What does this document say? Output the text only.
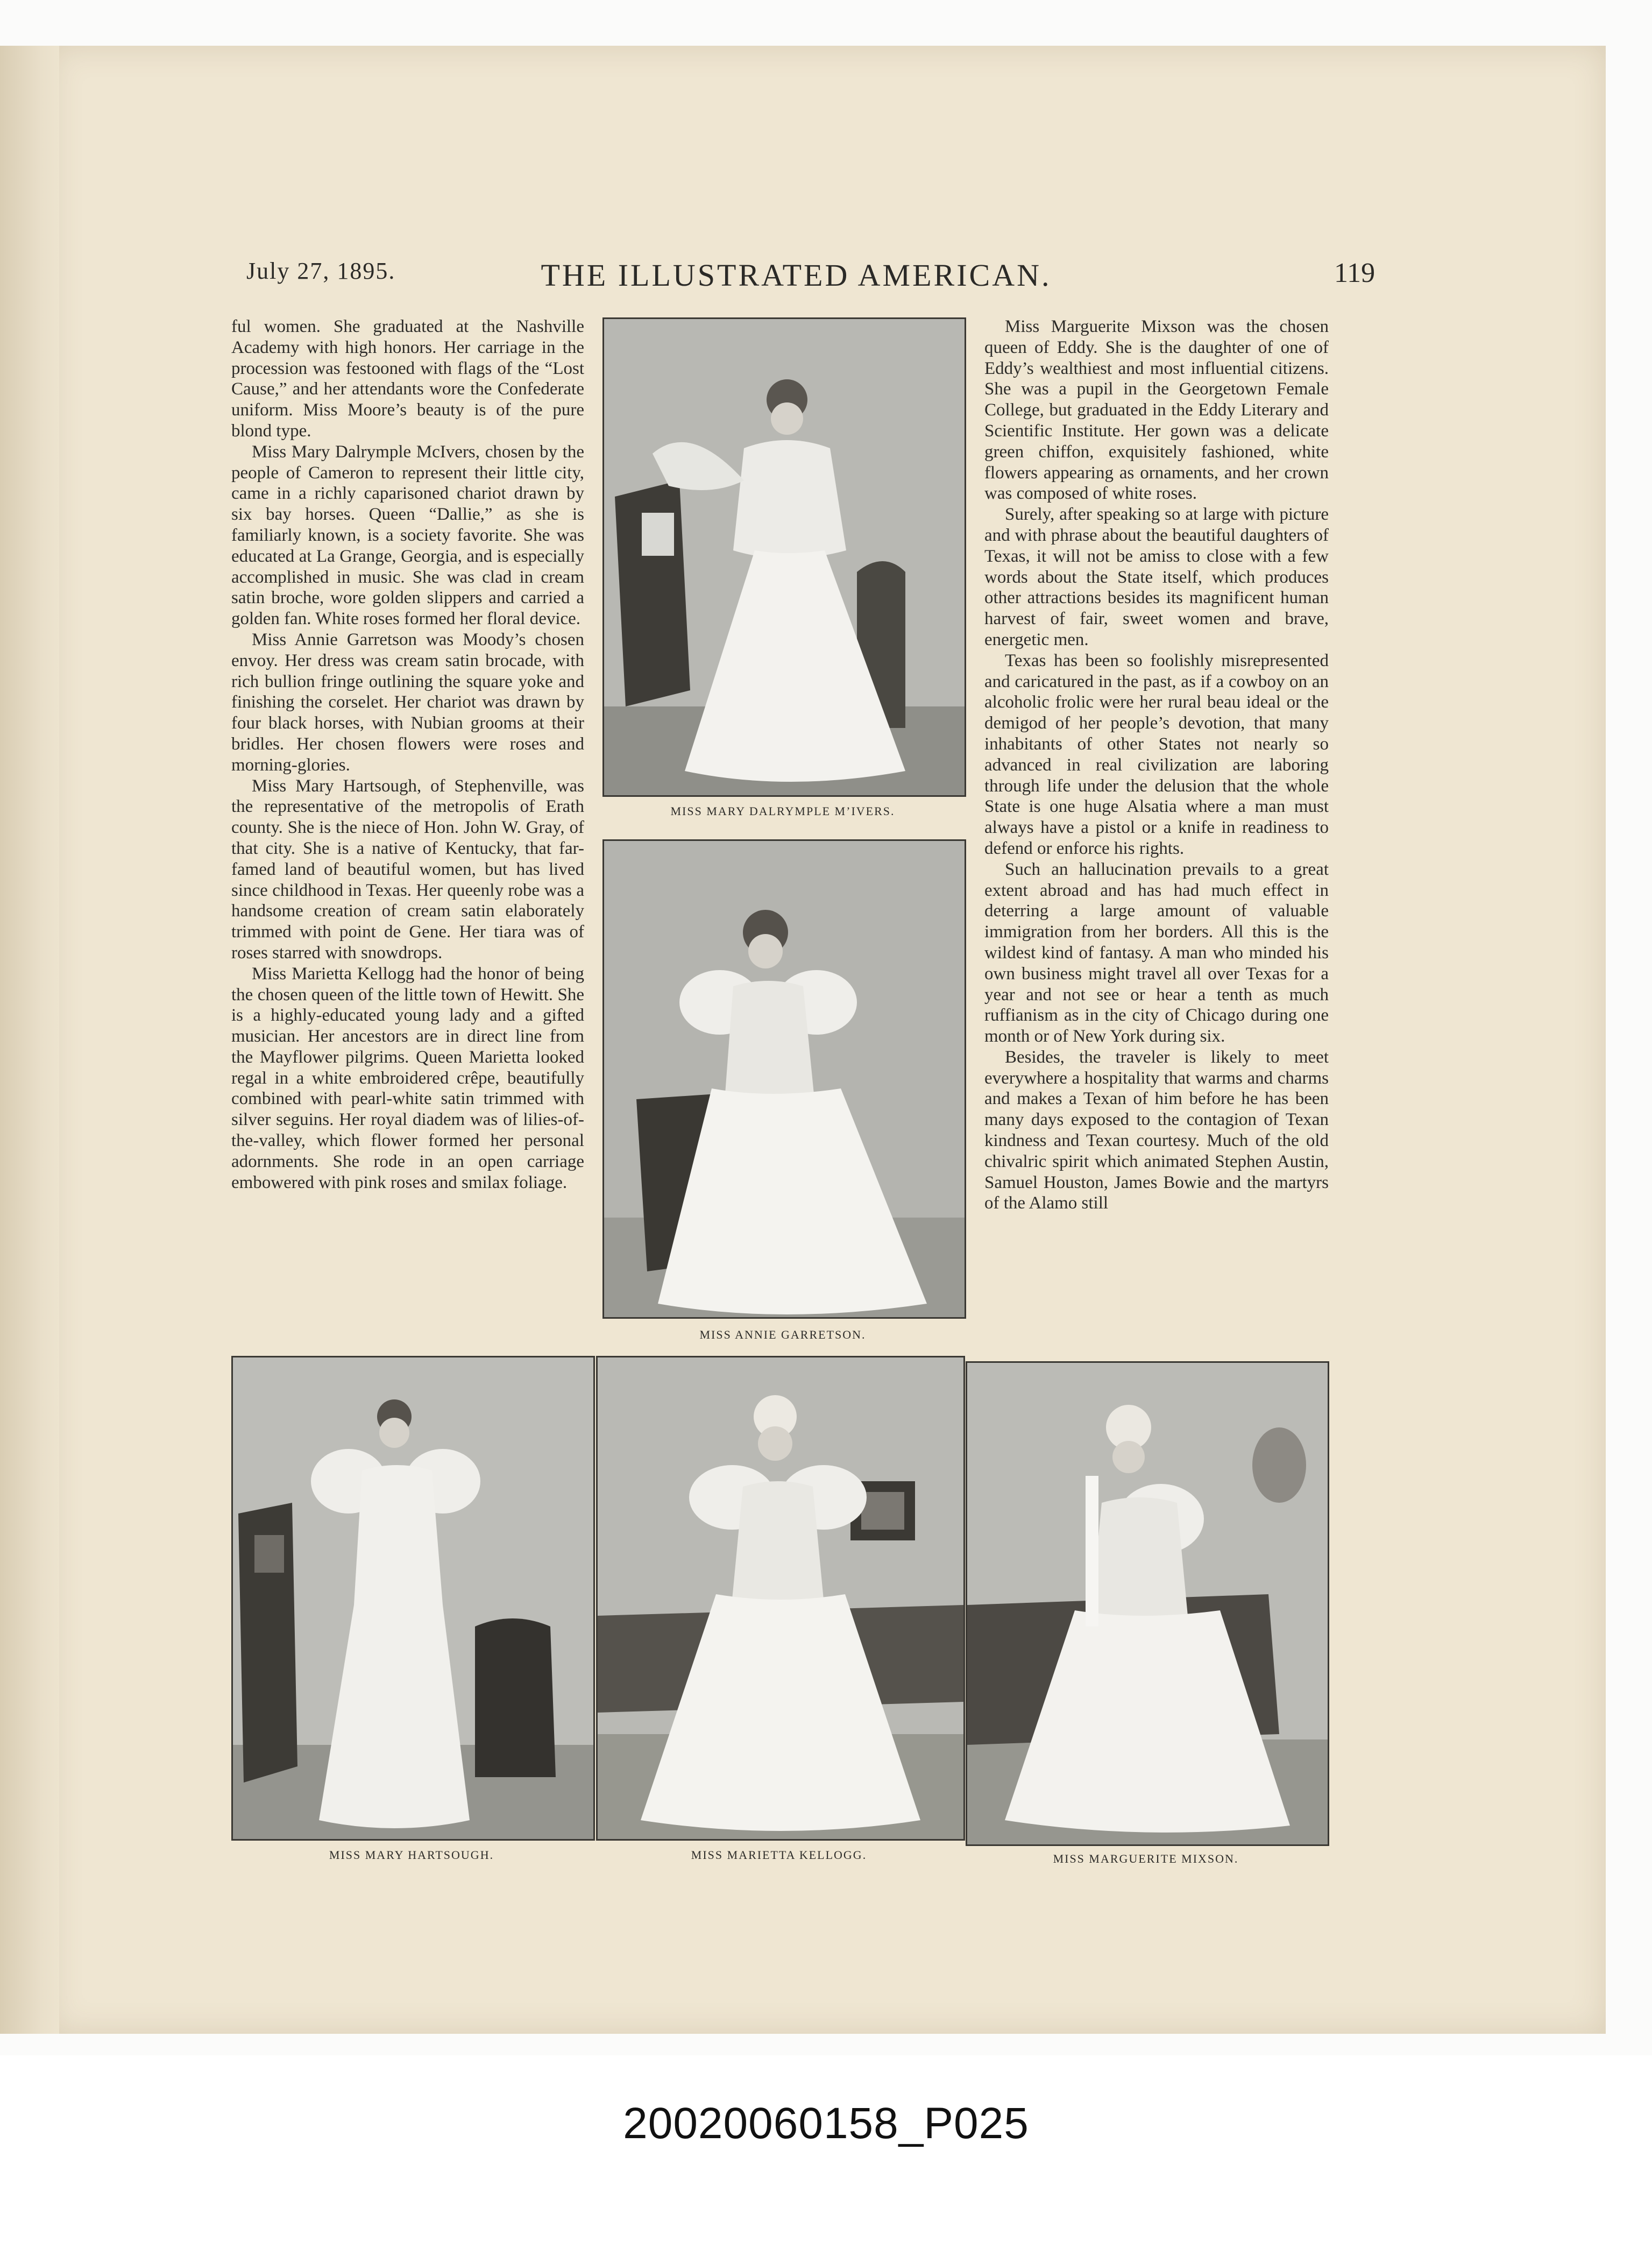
July 27, 1895.	THE ILLUSTRATED AMERICAN.	119

ful women. She graduated at the Nashville Academy with high honors. Her carriage in the procession was festooned with flags of the “Lost Cause,” and her attendants wore the Confederate uniform. Miss Moore’s beauty is of the pure blond type.

Miss Mary Dalrymple McIvers, chosen by the people of Cameron to represent their little city, came in a richly caparisoned chariot drawn by six bay horses. Queen “Dallie,” as she is familiarly known, is a society favorite. She was educated at La Grange, Georgia, and is especially accomplished in music. She was clad in cream satin broche, wore golden slippers and carried a golden fan. White roses formed her floral device.

Miss Annie Garretson was Moody’s chosen envoy. Her dress was cream satin brocade, with rich bullion fringe outlining the square yoke and finishing the corselet. Her chariot was drawn by four black horses, with Nubian grooms at their bridles. Her chosen flowers were roses and morning-glories.

Miss Mary Hartsough, of Stephenville, was the representative of the metropolis of Erath county. She is the niece of Hon. John W. Gray, of that city. She is a native of Kentucky, that far-famed land of beautiful women, but has lived since childhood in Texas. Her queenly robe was a handsome creation of cream satin elaborately trimmed with point de Gene. Her tiara was of roses starred with snowdrops.

Miss Marietta Kellogg had the honor of being the chosen queen of the little town of Hewitt. She is a highly-educated young lady and a gifted musician. Her ancestors are in direct line from the Mayflower pilgrims. Queen Marietta looked regal in a white embroidered crêpe, beautifully combined with pearl-white satin trimmed with silver seguins. Her royal diadem was of lilies-of-the-valley, which flower formed her personal adornments. She rode in an open carriage embowered with pink roses and smilax foliage.

Miss Marguerite Mixson was the chosen queen of Eddy. She is the daughter of one of Eddy’s wealthiest and most influential citizens. She was a pupil in the Georgetown Female College, but graduated in the Eddy Literary and Scientific Institute. Her gown was a delicate green chiffon, exquisitely fashioned, white flowers appearing as ornaments, and her crown was composed of white roses.

Surely, after speaking so at large with picture and with phrase about the beautiful daughters of Texas, it will not be amiss to close with a few words about the State itself, which produces other attractions besides its magnificent human harvest of fair, sweet women and brave, energetic men.

Texas has been so foolishly misrepresented and caricatured in the past, as if a cowboy on an alcoholic frolic were her rural beau ideal or the demigod of her people’s devotion, that many inhabitants of other States not nearly so advanced in real civilization are laboring through life under the delusion that the whole State is one huge Alsatia where a man must always have a pistol or a knife in readiness to defend or enforce his rights.

Such an hallucination prevails to a great extent abroad and has had much effect in deterring a large amount of valuable immigration from her borders. All this is the wildest kind of fantasy. A man who minded his own business might travel all over Texas for a year and not see or hear a tenth as much ruffianism as in the city of Chicago during one month or of New York during six.

Besides, the traveler is likely to meet everywhere a hospitality that warms and charms and makes a Texan of him before he has been many days exposed to the contagion of Texan kindness and Texan courtesy. Much of the old chivalric spirit which animated Stephen Austin, Samuel Houston, James Bowie and the martyrs of the Alamo still

MISS MARY DALRYMPLE M’IVERS.
MISS ANNIE GARRETSON.
MISS MARY HARTSOUGH.	MISS MARIETTA KELLOGG.	MISS MARGUERITE MIXSON.
20020060158_P025
